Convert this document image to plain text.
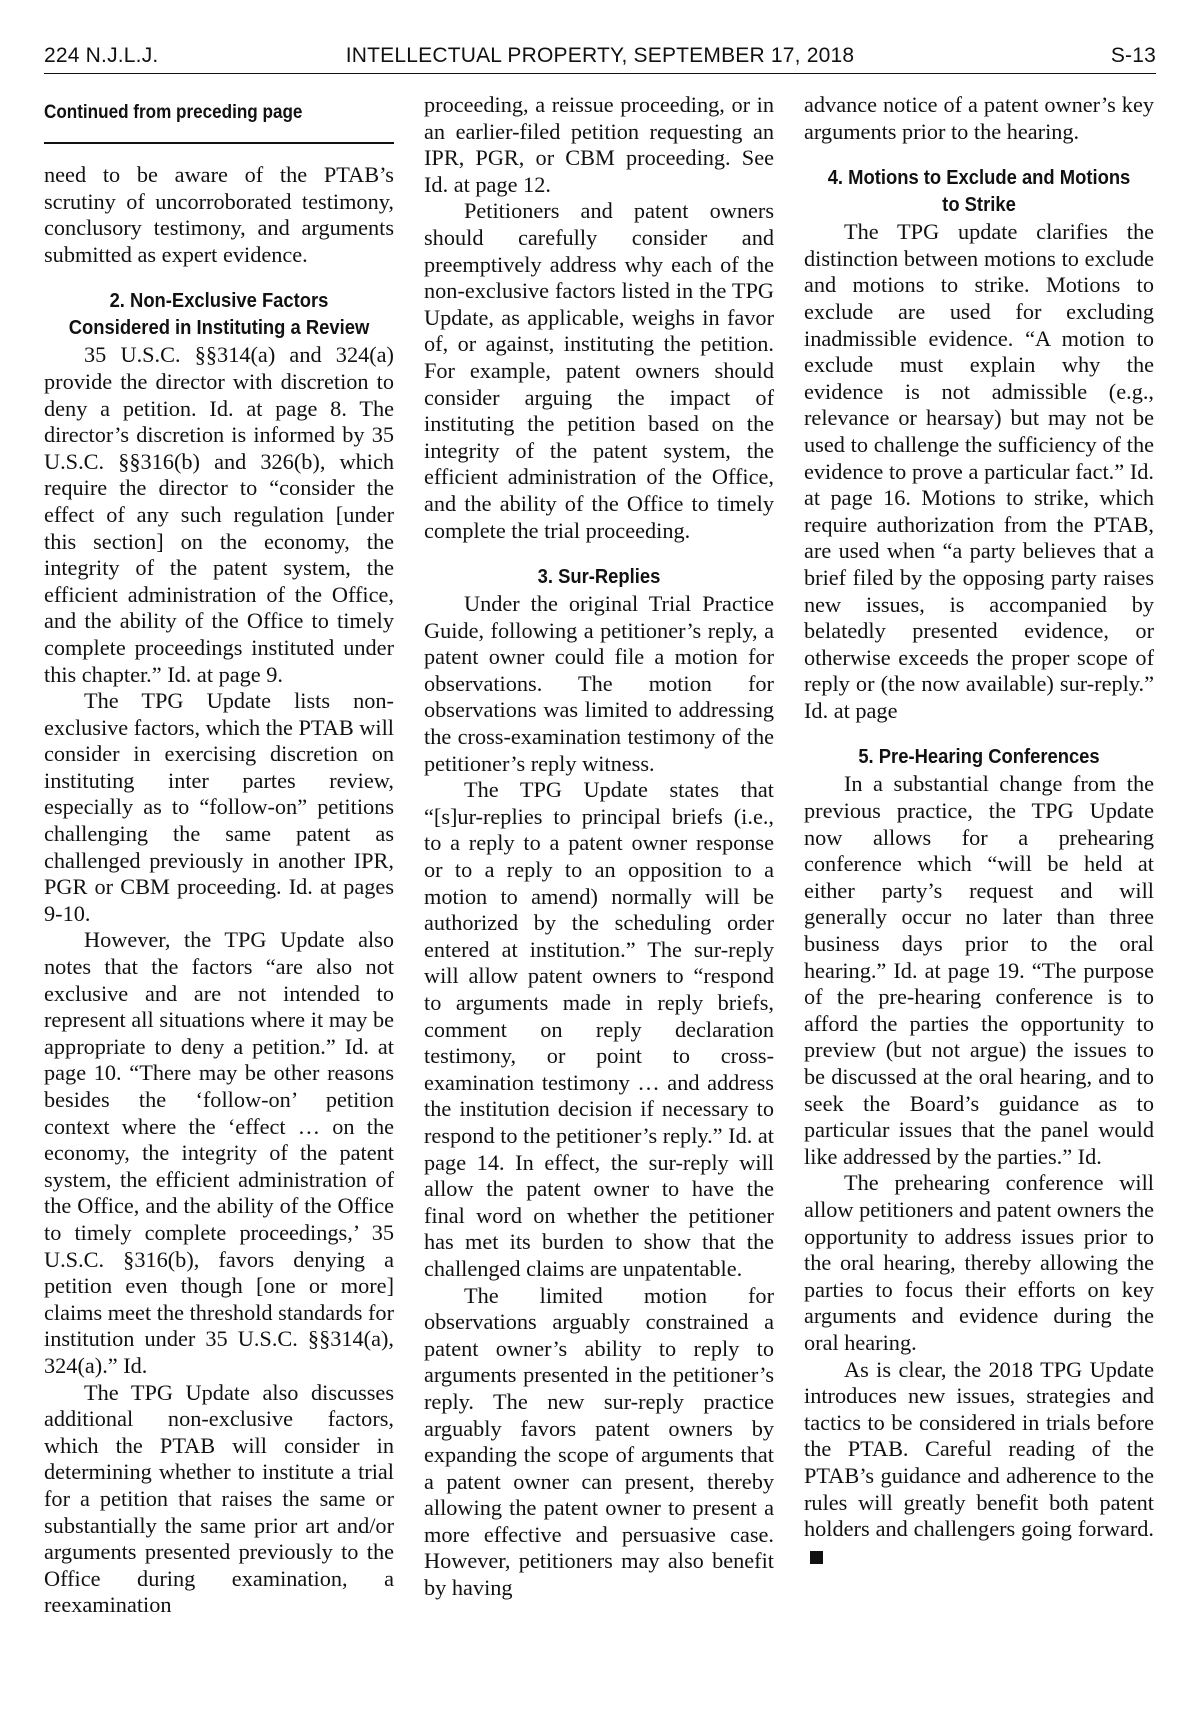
224 N.J.L.J.	INTELLECTUAL PROPERTY, SEPTEMBER 17, 2018	S-13
Continued from preceding page

need to be aware of the PTAB’s scrutiny of uncorroborated testimony, conclusory testimony, and arguments submitted as expert evidence.

2. Non-Exclusive Factors Considered in Instituting a Review

35 U.S.C. §§314(a) and 324(a) provide the director with discretion to deny a petition. Id. at page 8. The director’s discretion is informed by 35 U.S.C. §§316(b) and 326(b), which require the director to “consider the effect of any such regulation [under this section] on the economy, the integrity of the patent system, the efficient administration of the Office, and the ability of the Office to timely complete proceedings instituted under this chapter.” Id. at page 9.

The TPG Update lists non-exclusive factors, which the PTAB will consider in exercising discretion on instituting inter partes review, especially as to “follow-on” petitions challenging the same patent as challenged previously in another IPR, PGR or CBM proceeding. Id. at pages 9-10.

However, the TPG Update also notes that the factors “are also not exclusive and are not intended to represent all situations where it may be appropriate to deny a petition.” Id. at page 10. “There may be other reasons besides the ‘follow-on’ petition context where the ‘effect … on the economy, the integrity of the patent system, the efficient administration of the Office, and the ability of the Office to timely complete proceedings,’ 35 U.S.C. §316(b), favors denying a petition even though [one or more] claims meet the threshold standards for institution under 35 U.S.C. §§314(a), 324(a).” Id.

The TPG Update also discusses additional non-exclusive factors, which the PTAB will consider in determining whether to institute a trial for a petition that raises the same or substantially the same prior art and/or arguments presented previously to the Office during examination, a reexamination

proceeding, a reissue proceeding, or in an earlier-filed petition requesting an IPR, PGR, or CBM proceeding. See Id. at page 12.

Petitioners and patent owners should carefully consider and preemptively address why each of the non-exclusive factors listed in the TPG Update, as applicable, weighs in favor of, or against, instituting the petition. For example, patent owners should consider arguing the impact of instituting the petition based on the integrity of the patent system, the efficient administration of the Office, and the ability of the Office to timely complete the trial proceeding.

3. Sur-Replies

Under the original Trial Practice Guide, following a petitioner’s reply, a patent owner could file a motion for observations. The motion for observations was limited to addressing the cross-examination testimony of the petitioner’s reply witness.

The TPG Update states that “[s]ur-replies to principal briefs (i.e., to a reply to a patent owner response or to a reply to an opposition to a motion to amend) normally will be authorized by the scheduling order entered at institution.” The sur-reply will allow patent owners to “respond to arguments made in reply briefs, comment on reply declaration testimony, or point to cross-examination testimony … and address the institution decision if necessary to respond to the petitioner’s reply.” Id. at page 14. In effect, the sur-reply will allow the patent owner to have the final word on whether the petitioner has met its burden to show that the challenged claims are unpatentable.

The limited motion for observations arguably constrained a patent owner’s ability to reply to arguments presented in the petitioner’s reply. The new sur-reply practice arguably favors patent owners by expanding the scope of arguments that a patent owner can present, thereby allowing the patent owner to present a more effective and persuasive case. However, petitioners may also benefit by having

advance notice of a patent owner’s key arguments prior to the hearing.

4. Motions to Exclude and Motions to Strike

The TPG update clarifies the distinction between motions to exclude and motions to strike. Motions to exclude are used for excluding inadmissible evidence. “A motion to exclude must explain why the evidence is not admissible (e.g., relevance or hearsay) but may not be used to challenge the sufficiency of the evidence to prove a particular fact.” Id. at page 16. Motions to strike, which require authorization from the PTAB, are used when “a party believes that a brief filed by the opposing party raises new issues, is accompanied by belatedly presented evidence, or otherwise exceeds the proper scope of reply or (the now available) sur-reply.” Id. at page

5. Pre-Hearing Conferences

In a substantial change from the previous practice, the TPG Update now allows for a prehearing conference which “will be held at either party’s request and will generally occur no later than three business days prior to the oral hearing.” Id. at page 19. “The purpose of the pre-hearing conference is to afford the parties the opportunity to preview (but not argue) the issues to be discussed at the oral hearing, and to seek the Board’s guidance as to particular issues that the panel would like addressed by the parties.” Id.

The prehearing conference will allow petitioners and patent owners the opportunity to address issues prior to the oral hearing, thereby allowing the parties to focus their efforts on key arguments and evidence during the oral hearing.

As is clear, the 2018 TPG Update introduces new issues, strategies and tactics to be considered in trials before the PTAB. Careful reading of the PTAB’s guidance and adherence to the rules will greatly benefit both patent holders and challengers going forward.
